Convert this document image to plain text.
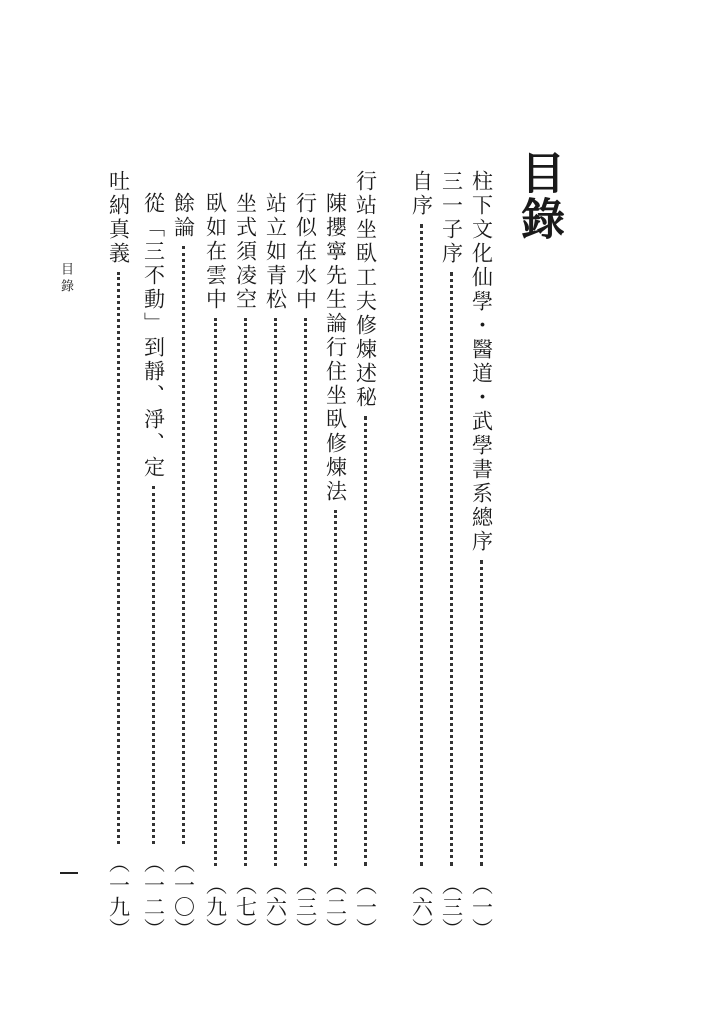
目錄
柱下文化仙學・醫道・武學書系總序
（一）
三一子序
（三）
自序
（六）
行站坐臥工夫修煉述秘
（一）
陳攖寧先生論行住坐臥修煉法
（二）
行似在水中
（三）
站立如青松
（六）
坐式須凌空
（七）
臥如在雲中
（九）
餘論
（一〇）
從「三不動」到靜、淨、定
（一二）
吐納真義
（一九）
目錄
